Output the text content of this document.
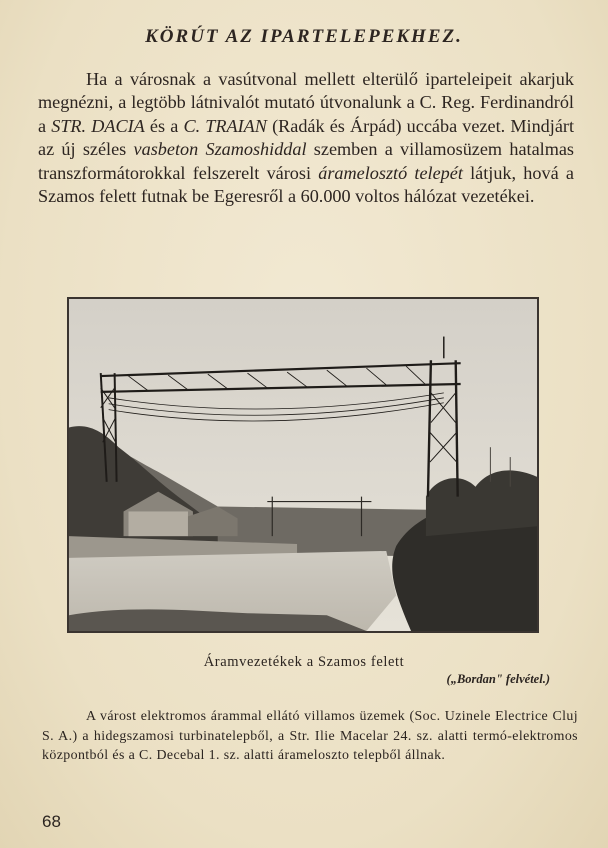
KÖRÚT AZ IPARTELEPEKHEZ.
Ha a városnak a vasútvonal mellett elterülő iparteleipeit akarjuk megnézni, a legtöbb látnivalót mutató útvonalunk a C. Reg. Ferdinandról a STR. DACIA és a C. TRAIAN (Radák és Árpád) uccába vezet. Mindjárt az új széles vasbeton Szamoshiddal szemben a villamosüzem hatalmas transzformátorokkal felszerelt városi áramelosztó telepét látjuk, hová a Szamos felett futnak be Egeresről a 60.000 voltos hálózat vezetékei.
Áramvezetékek a Szamos felett
(„Bordan" felvétel.)
A várost elektromos árammal ellátó villamos üzemek (Soc. Uzinele Electrice Cluj S. A.) a hidegszamosi turbinatelepből, a Str. Ilie Macelar 24. sz. alatti termó-elektromos központból és a C. Decebal 1. sz. alatti árameloszto telepből állnak.
68
